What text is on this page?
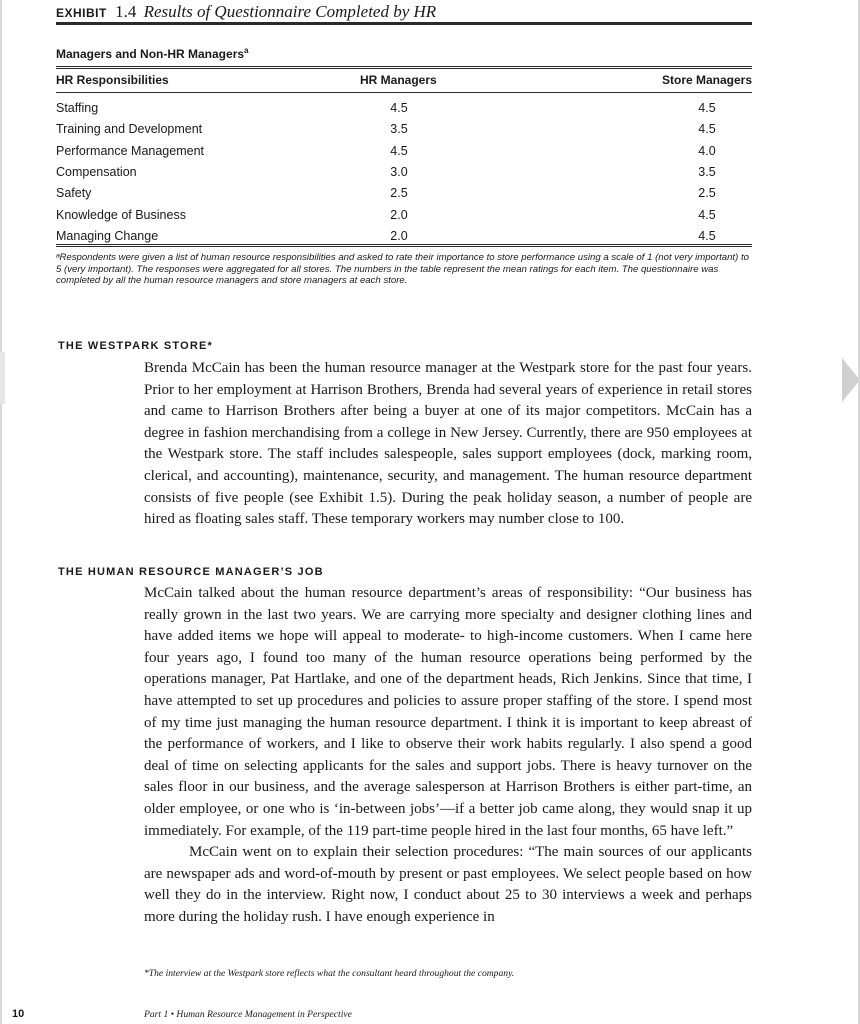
EXHIBIT 1.4 Results of Questionnaire Completed by HR
Managers and Non-HR Managers$^a$
HR Responsibilities	HR Managers	Store Managers
Staffing	4.5	4.5
Training and Development	3.5	4.5
Performance Management	4.5	4.0
Compensation	3.0	3.5
Safety	2.5	2.5
Knowledge of Business	2.0	4.5
Managing Change	2.0	4.5
ᵃRespondents were given a list of human resource responsibilities and asked to rate their importance to store performance using a scale of 1 (not very important) to 5 (very important). The responses were aggregated for all stores. The numbers in the table represent the mean ratings for each item. The questionnaire was completed by all the human resource managers and store managers at each store.
THE WESTPARK STORE*

Brenda McCain has been the human resource manager at the Westpark store for the past four years. Prior to her employment at Harrison Brothers, Brenda had several years of experience in retail stores and came to Harrison Brothers after being a buyer at one of its major competitors. McCain has a degree in fashion merchandising from a college in New Jersey. Currently, there are 950 employees at the Westpark store. The staff includes salespeople, sales support employees (dock, marking room, clerical, and accounting), maintenance, security, and management. The human resource department consists of five people (see Exhibit 1.5). During the peak holiday season, a number of people are hired as floating sales staff. These temporary workers may number close to 100.

THE HUMAN RESOURCE MANAGER’S JOB

McCain talked about the human resource department’s areas of responsibility: “Our business has really grown in the last two years. We are carrying more specialty and designer clothing lines and have added items we hope will appeal to moderate- to high-income customers. When I came here four years ago, I found too many of the human resource operations being performed by the operations manager, Pat Hartlake, and one of the department heads, Rich Jenkins. Since that time, I have attempted to set up procedures and policies to assure proper staffing of the store. I spend most of my time just managing the human resource department. I think it is important to keep abreast of the performance of workers, and I like to observe their work habits regularly. I also spend a good deal of time on selecting applicants for the sales and support jobs. There is heavy turnover on the sales floor in our business, and the average salesperson at Harrison Brothers is either part-time, an older employee, or one who is ‘in-between jobs’—if a better job came along, they would snap it up immediately. For example, of the 119 part-time people hired in the last four months, 65 have left.”

McCain went on to explain their selection procedures: “The main sources of our applicants are newspaper ads and word-of-mouth by present or past employees. We select people based on how well they do in the interview. Right now, I conduct about 25 to 30 interviews a week and perhaps more during the holiday rush. I have enough experience in

*The interview at the Westpark store reflects what the consultant heard throughout the company.
10	Part 1 • Human Resource Management in Perspective
